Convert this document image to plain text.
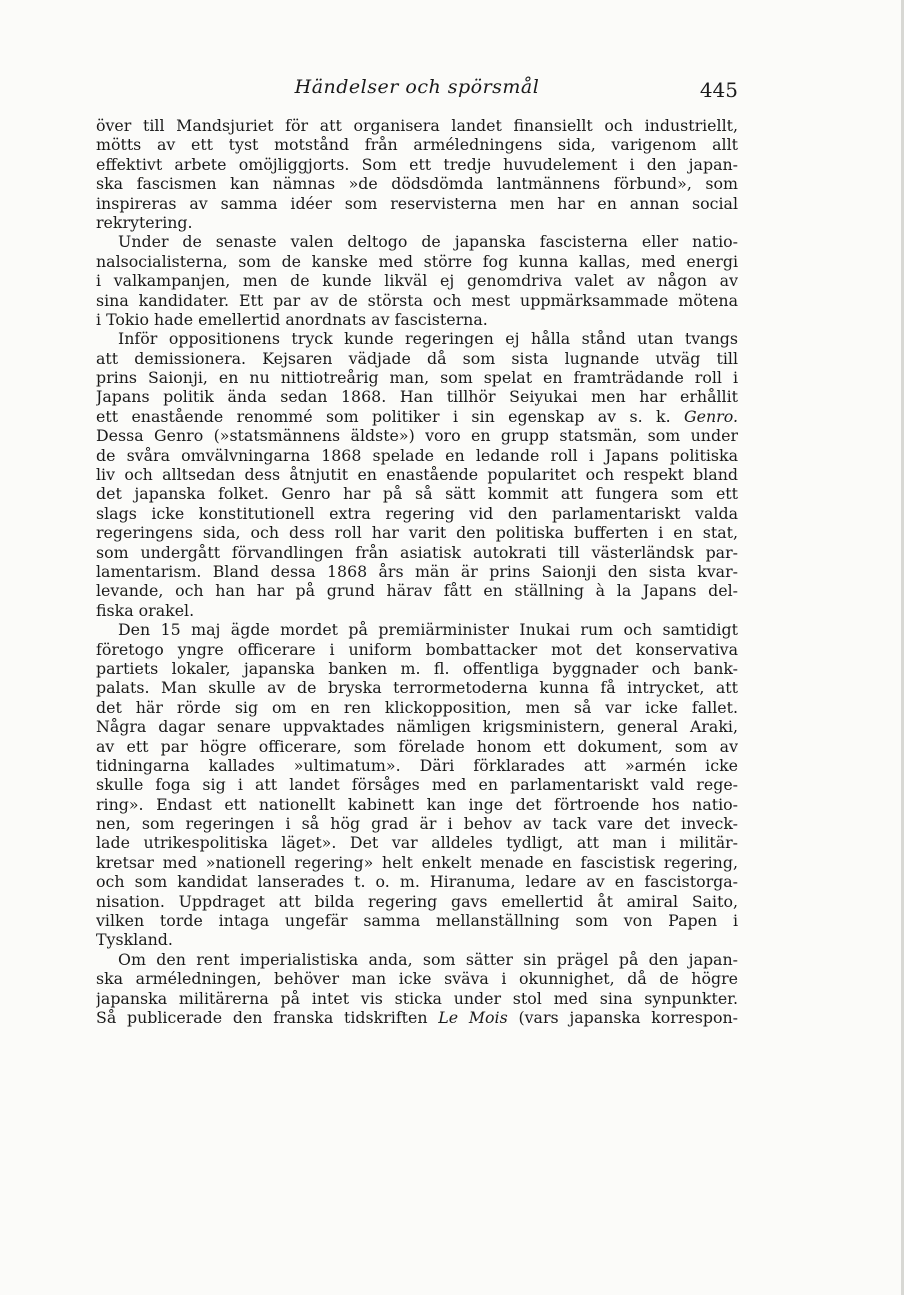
Händelser och spörsmål	445
över till Mandsjuriet för att organisera landet finansiellt och industriellt,
mötts av ett tyst motstånd från arméledningens sida, varigenom allt
effektivt arbete omöjliggjorts. Som ett tredje huvudelement i den japan-
ska fascismen kan nämnas »de dödsdömda lantmännens förbund», som
inspireras av samma idéer som reservisterna men har en annan social
rekrytering.
Under de senaste valen deltogo de japanska fascisterna eller natio-
nalsocialisterna, som de kanske med större fog kunna kallas, med energi
i valkampanjen, men de kunde likväl ej genomdriva valet av någon av
sina kandidater. Ett par av de största och mest uppmärksammade mötena
i Tokio hade emellertid anordnats av fascisterna.
Inför oppositionens tryck kunde regeringen ej hålla stånd utan tvangs
att demissionera. Kejsaren vädjade då som sista lugnande utväg till
prins Saionji, en nu nittiotreårig man, som spelat en framträdande roll i
Japans politik ända sedan 1868. Han tillhör Seiyukai men har erhållit
ett enastående renommé som politiker i sin egenskap av s. k. Genro.
Dessa Genro (»statsmännens äldste») voro en grupp statsmän, som under
de svåra omvälvningarna 1868 spelade en ledande roll i Japans politiska
liv och alltsedan dess åtnjutit en enastående popularitet och respekt bland
det japanska folket. Genro har på så sätt kommit att fungera som ett
slags icke konstitutionell extra regering vid den parlamentariskt valda
regeringens sida, och dess roll har varit den politiska bufferten i en stat,
som undergått förvandlingen från asiatisk autokrati till västerländsk par-
lamentarism. Bland dessa 1868 års män är prins Saionji den sista kvar-
levande, och han har på grund härav fått en ställning à la Japans del-
fiska orakel.
Den 15 maj ägde mordet på premiärminister Inukai rum och samtidigt
företogo yngre officerare i uniform bombattacker mot det konservativa
partiets lokaler, japanska banken m. fl. offentliga byggnader och bank-
palats. Man skulle av de bryska terrormetoderna kunna få intrycket, att
det här rörde sig om en ren klickopposition, men så var icke fallet.
Några dagar senare uppvaktades nämligen krigsministern, general Araki,
av ett par högre officerare, som förelade honom ett dokument, som av
tidningarna kallades »ultimatum». Däri förklarades att »armén icke
skulle foga sig i att landet försåges med en parlamentariskt vald rege-
ring». Endast ett nationellt kabinett kan inge det förtroende hos natio-
nen, som regeringen i så hög grad är i behov av tack vare det inveck-
lade utrikespolitiska läget». Det var alldeles tydligt, att man i militär-
kretsar med »nationell regering» helt enkelt menade en fascistisk regering,
och som kandidat lanserades t. o. m. Hiranuma, ledare av en fascistorga-
nisation. Uppdraget att bilda regering gavs emellertid åt amiral Saito,
vilken torde intaga ungefär samma mellanställning som von Papen i
Tyskland.
Om den rent imperialistiska anda, som sätter sin prägel på den japan-
ska arméledningen, behöver man icke sväva i okunnighet, då de högre
japanska militärerna på intet vis sticka under stol med sina synpunkter.
Så publicerade den franska tidskriften Le Mois (vars japanska korrespon-
